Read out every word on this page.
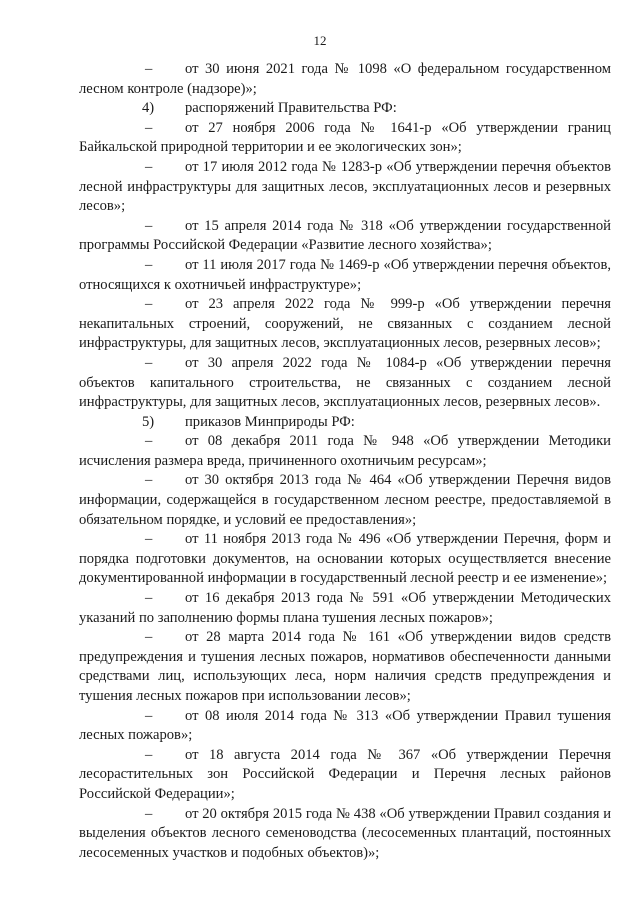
12

–	от 30 июня 2021 года № 1098 «О федеральном государственном лесном контроле (надзоре)»;

4)	распоряжений Правительства РФ:

–	от 27 ноября 2006 года № 1641-р «Об утверждении границ Байкальской природной территории и ее экологических зон»;

–	от 17 июля 2012 года № 1283-р «Об утверждении перечня объектов лесной инфраструктуры для защитных лесов, эксплуатационных лесов и резервных лесов»;

–	от 15 апреля 2014 года № 318 «Об утверждении государственной программы Российской Федерации «Развитие лесного хозяйства»;

–	от 11 июля 2017 года № 1469-р «Об утверждении перечня объектов, относящихся к охотничьей инфраструктуре»;

–	от 23 апреля 2022 года № 999-р «Об утверждении перечня некапитальных строений, сооружений, не связанных с созданием лесной инфраструктуры, для защитных лесов, эксплуатационных лесов, резервных лесов»;

–	от 30 апреля 2022 года № 1084-р «Об утверждении перечня объектов капитального строительства, не связанных с созданием лесной инфраструктуры, для защитных лесов, эксплуатационных лесов, резервных лесов».

5)	приказов Минприроды РФ:

–	от 08 декабря 2011 года № 948 «Об утверждении Методики исчисления размера вреда, причиненного охотничьим ресурсам»;

–	от 30 октября 2013 года № 464 «Об утверждении Перечня видов информации, содержащейся в государственном лесном реестре, предоставляемой в обязательном порядке, и условий ее предоставления»;

–	от 11 ноября 2013 года № 496 «Об утверждении Перечня, форм и порядка подготовки документов, на основании которых осуществляется внесение документированной информации в государственный лесной реестр и ее изменение»;

–	от 16 декабря 2013 года № 591 «Об утверждении Методических указаний по заполнению формы плана тушения лесных пожаров»;

–	от 28 марта 2014 года № 161 «Об утверждении видов средств предупреждения и тушения лесных пожаров, нормативов обеспеченности данными средствами лиц, использующих леса, норм наличия средств предупреждения и тушения лесных пожаров при использовании лесов»;

–	от 08 июля 2014 года № 313 «Об утверждении Правил тушения лесных пожаров»;

–	от 18 августа 2014 года № 367 «Об утверждении Перечня лесорастительных зон Российской Федерации и Перечня лесных районов Российской Федерации»;

–	от 20 октября 2015 года № 438 «Об утверждении Правил создания и выделения объектов лесного семеноводства (лесосеменных плантаций, постоянных лесосеменных участков и подобных объектов)»;
